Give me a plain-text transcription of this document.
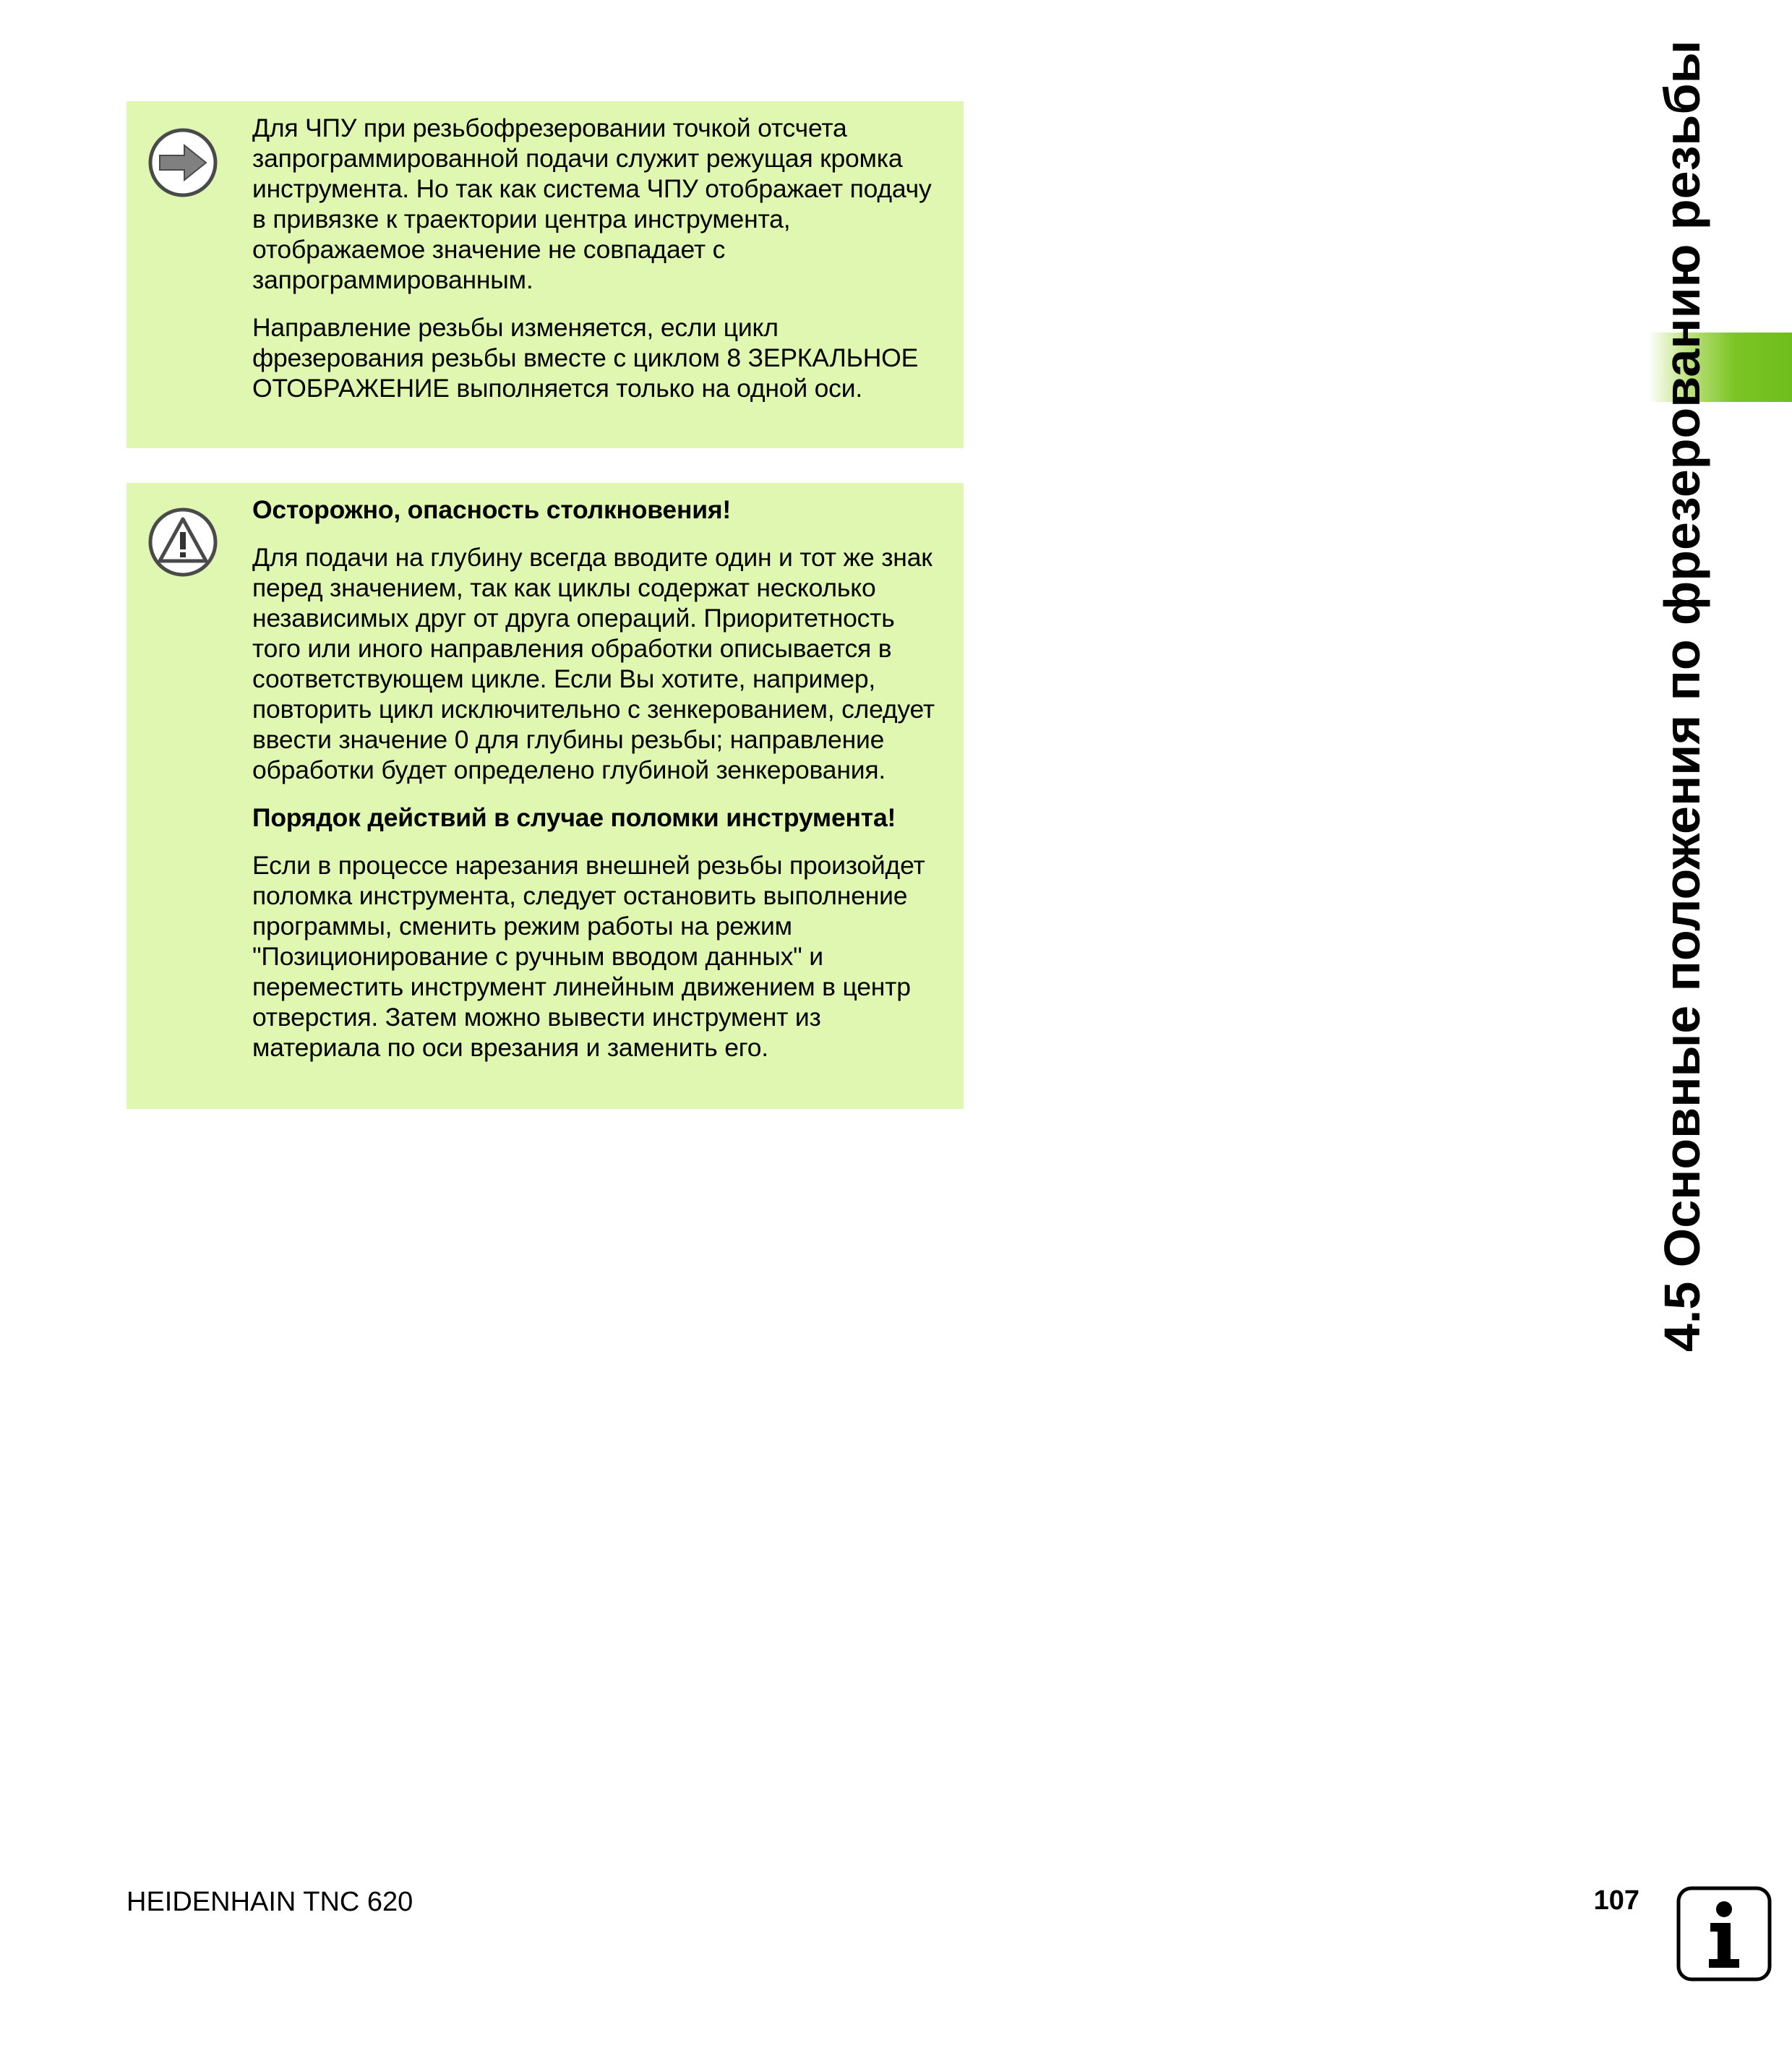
Для ЧПУ при резьбофрезеровании точкой отсчета запрограммированной подачи служит режущая кромка инструмента. Но так как система ЧПУ отображает подачу в привязке к траектории центра инструмента, отображаемое значение не совпадает с запрограммированным.

Направление резьбы изменяется, если цикл фрезерования резьбы вместе с циклом 8 ЗЕРКАЛЬНОЕ ОТОБРАЖЕНИЕ выполняется только на одной оси.

Осторожно, опасность столкновения!

Для подачи на глубину всегда вводите один и тот же знак перед значением, так как циклы содержат несколько независимых друг от друга операций. Приоритетность того или иного направления обработки описывается в соответствующем цикле. Если Вы хотите, например, повторить цикл исключительно с зенкерованием, следует ввести значение 0 для глубины резьбы; направление обработки будет определено глубиной зенкерования.

Порядок действий в случае поломки инструмента!

Если в процессе нарезания внешней резьбы произойдет поломка инструмента, следует остановить выполнение программы, сменить режим работы на режим "Позиционирование с ручным вводом данных" и переместить инструмент линейным движением в центр отверстия. Затем можно вывести инструмент из материала по оси врезания и заменить его.	4.5 Основные положения по фрезерованию резьбы
HEIDENHAIN TNC 620	107
